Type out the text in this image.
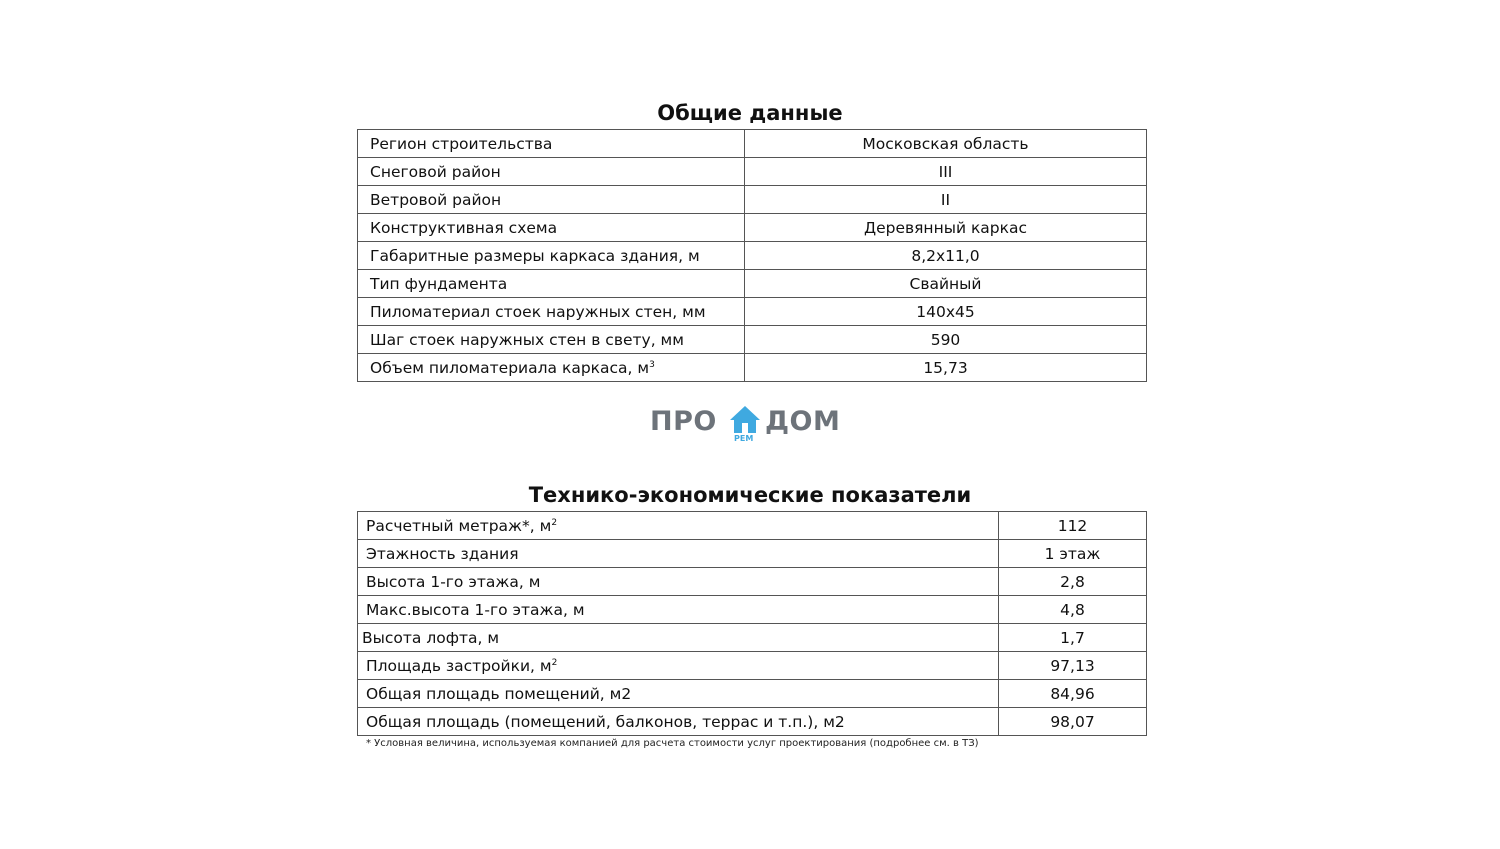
Общие данные
Регион строительства	Московская область
Снеговой район	III
Ветровой район	II
Конструктивная схема	Деревянный каркас
Габаритные размеры каркаса здания, м	8,2х11,0
Тип фундамента	Свайный
Пиломатериал стоек наружных стен, мм	140х45
Шаг стоек наружных стен в свету, мм	590
Объем пиломатериала каркаса, $м^3$	15,73
ПРО
РЕМ
ДОМ
Технико-экономические показатели
Расчетный метраж*, $м^2$	112
Этажность здания	1 этаж
Высота 1-го этажа, м	2,8
Макс.высота 1-го этажа, м	4,8
Высота лофта, м	1,7
Площадь застройки, $м^2$	97,13
Общая площадь помещений, м2	84,96
Общая площадь (помещений, балконов, террас и т.п.), м2	98,07
* Условная величина, используемая компанией для расчета стоимости услуг проектирования (подробнее см. в ТЗ)
